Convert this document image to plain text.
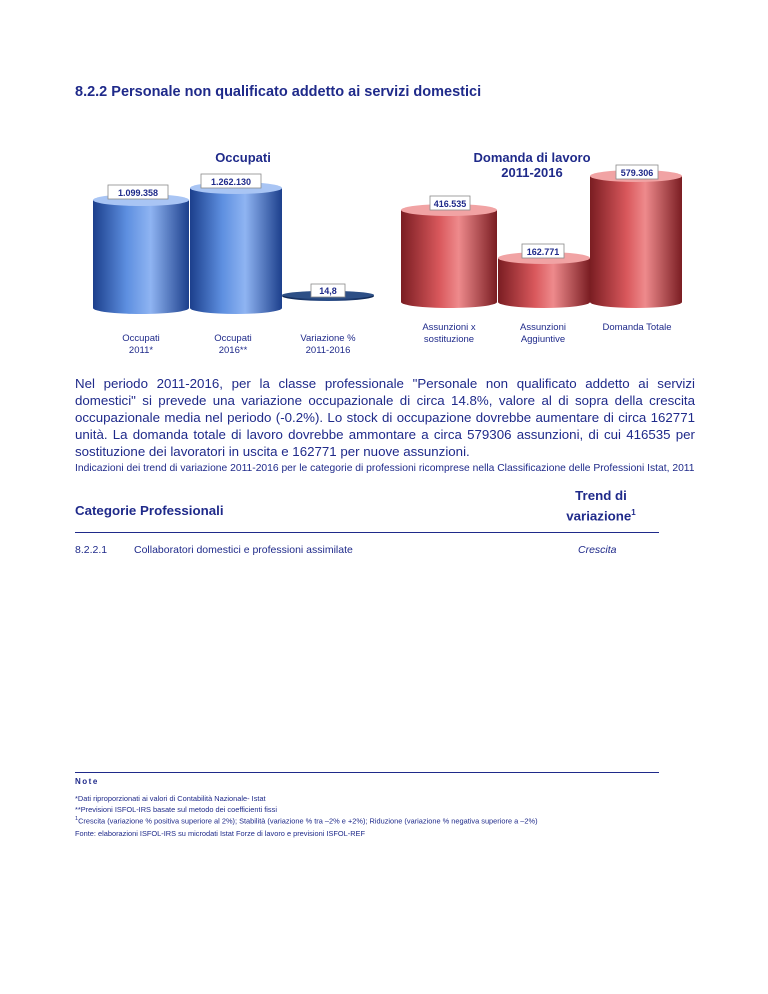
8.2.2 Personale non qualificato addetto ai servizi domestici
Occupati
1.099.358
1.262.130
14,8
Occupati
2011*
Occupati
2016**
Variazione %
2011-2016
Domanda di lavoro
2011-2016
416.535
162.771
579.306
Assunzioni x
sostituzione
Assunzioni
Aggiuntive
Domanda Totale
Nel periodo 2011-2016, per la classe professionale "Personale non qualificato addetto ai servizi domestici" si prevede una variazione occupazionale di circa 14.8%, valore al di sopra della crescita occupazionale media nel periodo (-0.2%). Lo stock di occupazione dovrebbe aumentare di circa 162771 unità. La domanda totale di lavoro dovrebbe ammontare a circa 579306 assunzioni, di cui 416535 per sostituzione dei lavoratori in uscita e 162771 per nuove assunzioni.
Indicazioni dei trend di variazione 2011-2016 per le categorie di professioni ricomprese nella Classificazione delle Professioni Istat, 2011
Categorie Professionali
Trend di
variazione$^1$
8.2.2.1	Collaboratori domestici e professioni assimilate	Crescita
Note
*Dati riproporzionati ai valori di Contabilità Nazionale- Istat
**Previsioni ISFOL-IRS basate sul metodo dei coefficienti fissi
$^1$Crescita (variazione % positiva superiore al 2%); Stabilità (variazione % tra –2% e +2%); Riduzione (variazione % negativa superiore a –2%)
Fonte: elaborazioni ISFOL-IRS su microdati Istat Forze di lavoro e previsioni ISFOL-REF
